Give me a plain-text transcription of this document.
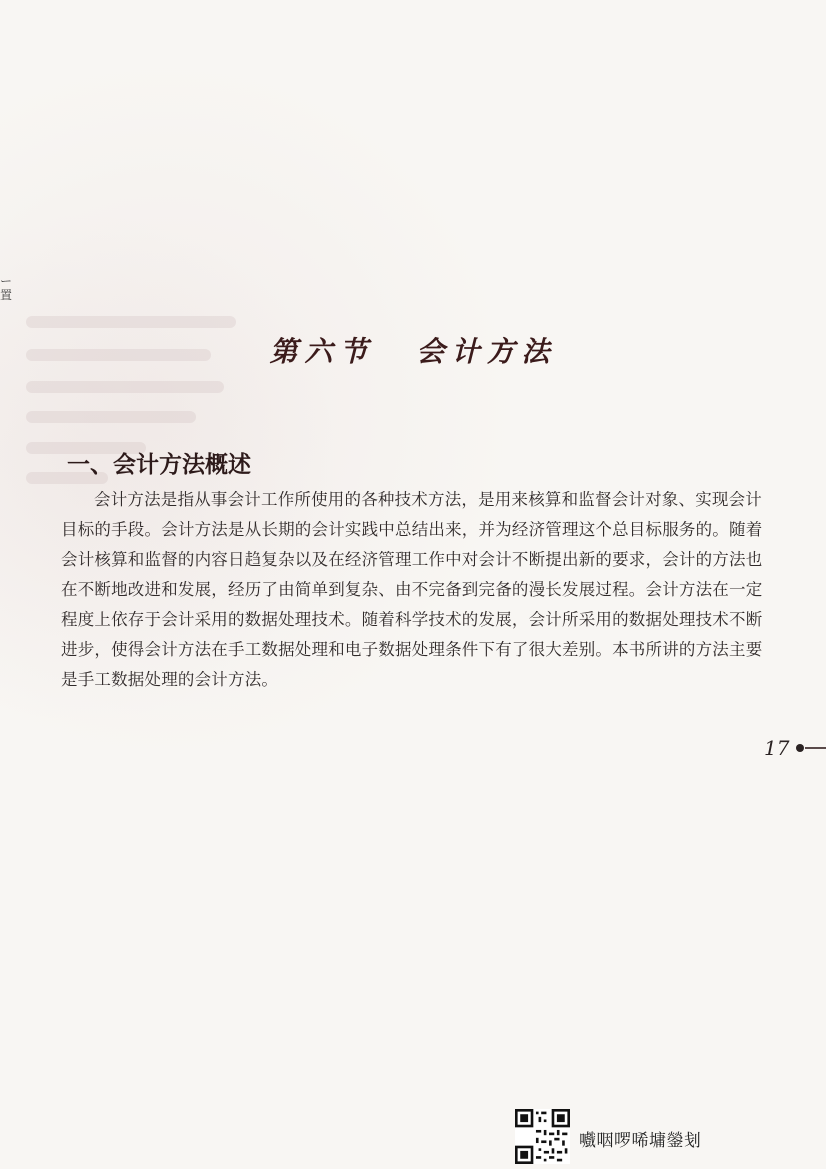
ー
置
第六节 会计方法
一、会计方法概述

会计方法是指从事会计工作所使用的各种技术方法，是用来核算和监督会计对象、实现会计目标的手段。会计方法是从长期的会计实践中总结出来，并为经济管理这个总目标服务的。随着会计核算和监督的内容日趋复杂以及在经济管理工作中对会计不断提出新的要求，会计的方法也在不断地改进和发展，经历了由简单到复杂、由不完备到完备的漫长发展过程。会计方法在一定程度上依存于会计采用的数据处理技术。随着科学技术的发展，会计所采用的数据处理技术不断进步，使得会计方法在手工数据处理和电子数据处理条件下有了很大差别。本书所讲的方法主要是手工数据处理的会计方法。

17
嚱咽啰唏墉鎣刬
